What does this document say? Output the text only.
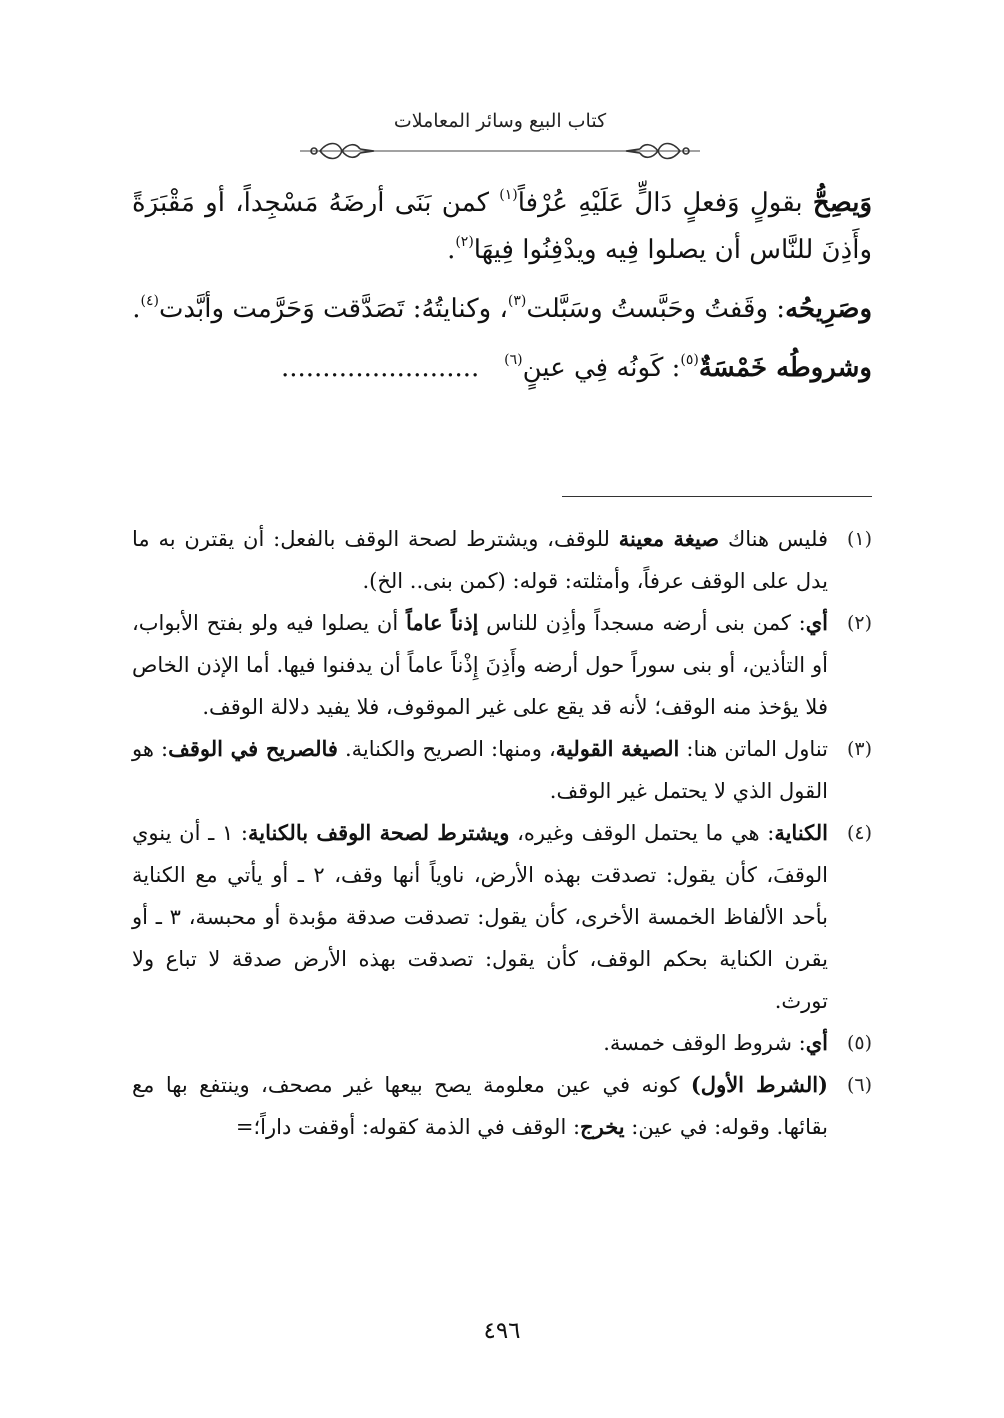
كتاب البيع وسائر المعاملات

وَيصِحُّ بقولٍ وَفعلٍ دَالٍّ عَلَيْهِ عُرْفاً$^{(١)}$ كمن بَنَى أرضَهُ مَسْجِداً، أو مَقْبَرَةً وأَذِنَ للنَّاس أن يصلوا فِيه ويدْفِنُوا فِيهَا$^{(٢)}$.

وصَرِيحُه: وقَفتُ وحَبَّستُ وسَبَّلت$^{(٣)}$، وكنايتُهُ: تَصَدَّقت وَحَرَّمت وأبَّدت$^{(٤)}$.

وشروطُه خَمْسَةٌ$^{(٥)}$: كَونُه فِي عينٍ$^{(٦)}$   ........................

(١)
فليس هناك صيغة معينة للوقف، ويشترط لصحة الوقف بالفعل: أن يقترن به ما يدل على الوقف عرفاً، وأمثلته: قوله: (كمن بنى.. الخ).
(٢)
أي: كمن بنى أرضه مسجداً وأذِن للناس إذناً عاماً أن يصلوا فيه ولو بفتح الأبواب، أو التأذين، أو بنى سوراً حول أرضه وأَذِنَ إِذْناً عاماً أن يدفنوا فيها. أما الإذن الخاص فلا يؤخذ منه الوقف؛ لأنه قد يقع على غير الموقوف، فلا يفيد دلالة الوقف.
(٣)
تناول الماتن هنا: الصيغة القولية، ومنها: الصريح والكناية. فالصريح في الوقف: هو القول الذي لا يحتمل غير الوقف.
(٤)
الكناية: هي ما يحتمل الوقف وغيره، ويشترط لصحة الوقف بالكناية: ١ ـ أن ينوي الوقفَ، كأن يقول: تصدقت بهذه الأرض، ناوياً أنها وقف، ٢ ـ أو يأتي مع الكناية بأحد الألفاظ الخمسة الأخرى، كأن يقول: تصدقت صدقة مؤبدة أو محبسة، ٣ ـ أو يقرن الكناية بحكم الوقف، كأن يقول: تصدقت بهذه الأرض صدقة لا تباع ولا تورث.
(٥)
أي: شروط الوقف خمسة.
(٦)
(الشرط الأول) كونه في عين معلومة يصح بيعها غير مصحف، وينتفع بها مع بقائها. وقوله: في عين: يخرج: الوقف في الذمة كقوله: أوقفت داراً؛=
٤٩٦
